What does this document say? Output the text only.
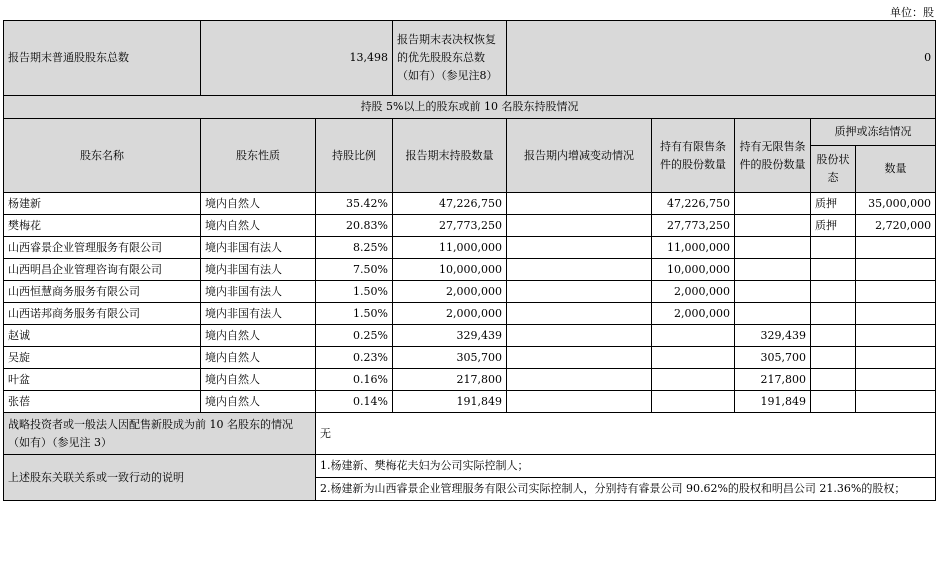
单位：股
报告期末普通股股东总数	13,498		报告期末表决权恢复的优先股股东总数（如有）（参见注8）	0				
持股 5%以上的股东或前 10 名股东持股情况								
股东名称	股东性质	持股比例	报告期末持股数量	报告期内增减变动情况	持有有限售条件的股份数量	持有无限售条件的股份数量	质押或冻结情况	
							股份状态	数量
杨建新	境内自然人	35.42%	47,226,750		47,226,750		质押	35,000,000
樊梅花	境内自然人	20.83%	27,773,250		27,773,250		质押	2,720,000
山西睿景企业管理服务有限公司	境内非国有法人	8.25%	11,000,000		11,000,000			
山西明昌企业管理咨询有限公司	境内非国有法人	7.50%	10,000,000		10,000,000			
山西恒慧商务服务有限公司	境内非国有法人	1.50%	2,000,000		2,000,000			
山西诺邦商务服务有限公司	境内非国有法人	1.50%	2,000,000		2,000,000			
赵诚	境内自然人	0.25%	329,439			329,439		
吴旋	境内自然人	0.23%	305,700			305,700		
叶盆	境内自然人	0.16%	217,800			217,800		
张蓓	境内自然人	0.14%	191,849			191,849		
战略投资者或一般法人因配售新股成为前 10 名股东的情况（如有）（参见注 3）		无						
上述股东关联关系或一致行动的说明		1.杨建新、樊梅花夫妇为公司实际控制人；						
		2.杨建新为山西睿景企业管理服务有限公司实际控制人，分别持有睿景公司 90.62%的股权和明昌公司 21.36%的股权；						
